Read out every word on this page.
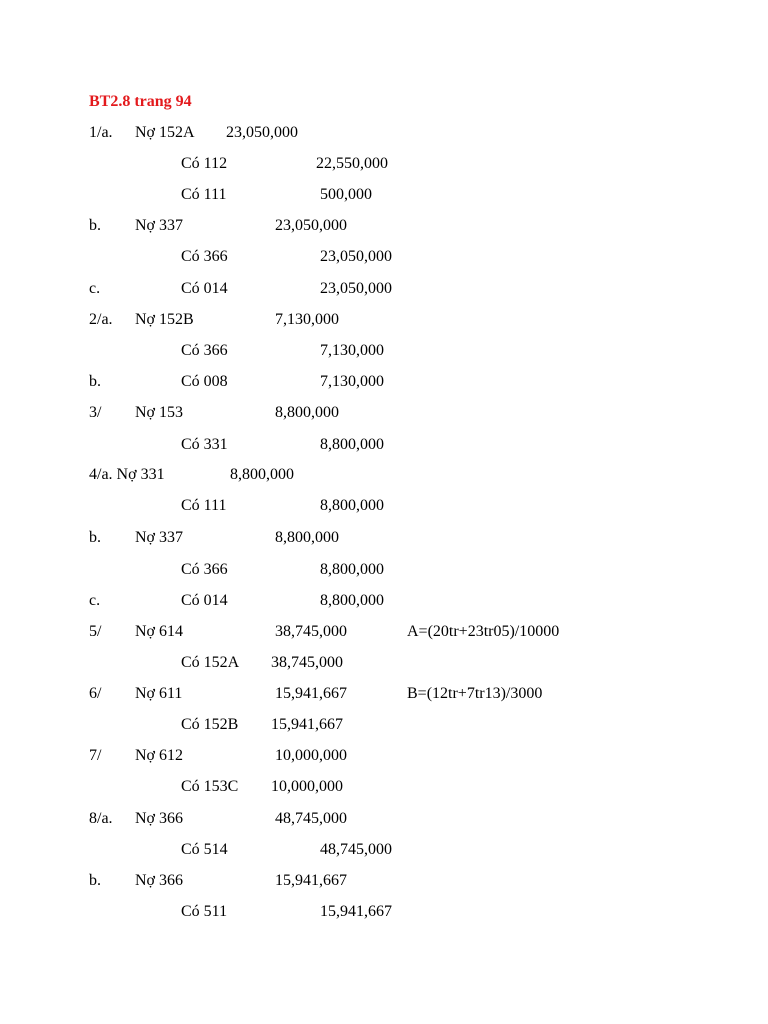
BT2.8 trang 94
1/a. Nợ 152A 23,050,000
Có 112	22,550,000
Có 111	500,000
b. Nợ 337	23,050,000
Có 366	23,050,000
c.	Có 014	23,050,000
2/a. Nợ 152B	7,130,000
Có 366	7,130,000
b.	Có 008	7,130,000
3/ Nợ 153	8,800,000
Có 331	8,800,000
4/a. Nợ 331	8,800,000
Có 111	8,800,000
b. Nợ 337	8,800,000
Có 366	8,800,000
c.	Có 014	8,800,000
5/ Nợ 614	38,745,000	A=(20tr+23tr05)/10000
Có 152A 38,745,000
6/ Nợ 611	15,941,667	B=(12tr+7tr13)/3000
Có 152B 15,941,667
7/ Nợ 612	10,000,000
Có 153C 10,000,000
8/a. Nợ 366	48,745,000
Có 514	48,745,000
b. Nợ 366	15,941,667
Có 511	15,941,667
